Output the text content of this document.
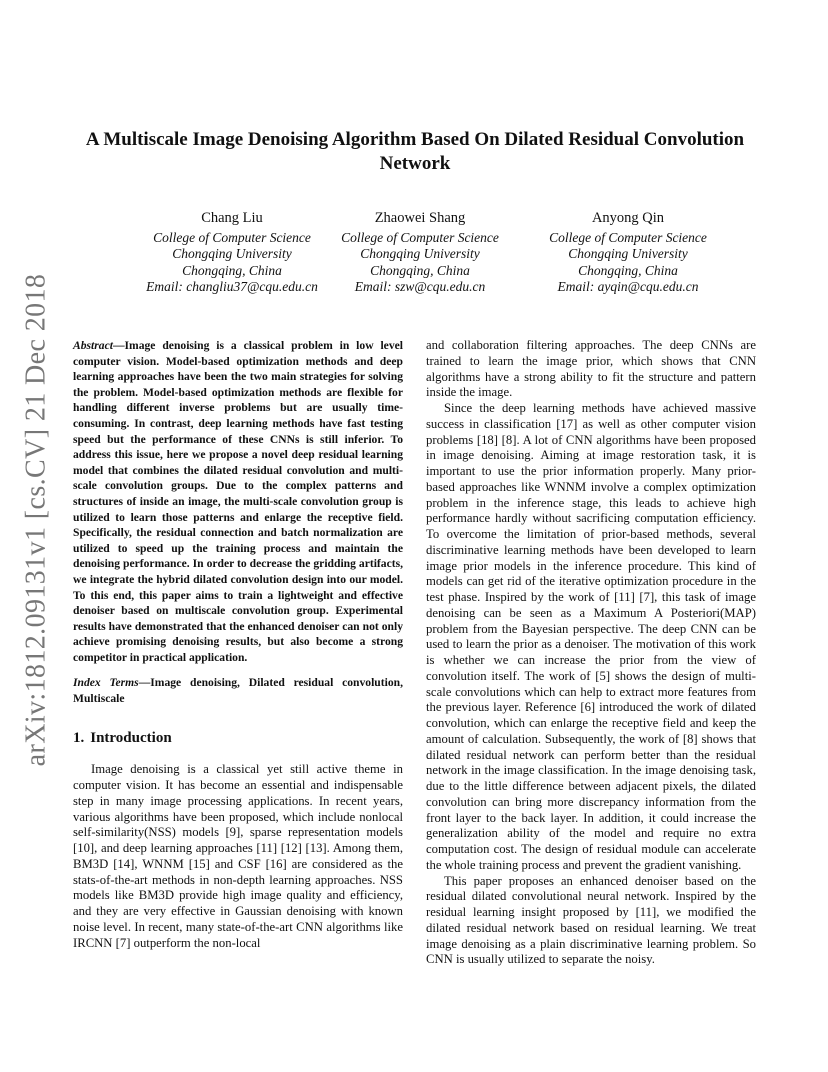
arXiv:1812.09131v1 [cs.CV] 21 Dec 2018
A Multiscale Image Denoising Algorithm Based On Dilated Residual Convolution Network
Chang Liu
College of Computer Science
Chongqing University
Chongqing, China
Email: changliu37@cqu.edu.cn
Zhaowei Shang
College of Computer Science
Chongqing University
Chongqing, China
Email: szw@cqu.edu.cn
Anyong Qin
College of Computer Science
Chongqing University
Chongqing, China
Email: ayqin@cqu.edu.cn
Abstract—Image denoising is a classical problem in low level computer vision. Model-based optimization methods and deep learning approaches have been the two main strategies for solving the problem. Model-based optimization methods are flexible for handling different inverse problems but are usually time-consuming. In contrast, deep learning methods have fast testing speed but the performance of these CNNs is still inferior. To address this issue, here we propose a novel deep residual learning model that combines the dilated residual convolution and multi-scale convolution groups. Due to the complex patterns and structures of inside an image, the multi-scale convolution group is utilized to learn those patterns and enlarge the receptive field. Specifically, the residual connection and batch normalization are utilized to speed up the training process and maintain the denoising performance. In order to decrease the gridding artifacts, we integrate the hybrid dilated convolution design into our model. To this end, this paper aims to train a lightweight and effective denoiser based on multiscale convolution group. Experimental results have demonstrated that the enhanced denoiser can not only achieve promising denoising results, but also become a strong competitor in practical application.
Index Terms—Image denoising, Dilated residual convolution, Multiscale
1. Introduction

Image denoising is a classical yet still active theme in computer vision. It has become an essential and indispensable step in many image processing applications. In recent years, various algorithms have been proposed, which include nonlocal self-similarity(NSS) models [9], sparse representation models [10], and deep learning approaches [11] [12] [13]. Among them, BM3D [14], WNNM [15] and CSF [16] are considered as the stats-of-the-art methods in non-depth learning approaches. NSS models like BM3D provide high image quality and efficiency, and they are very effective in Gaussian denoising with known noise level. In recent, many state-of-the-art CNN algorithms like IRCNN [7] outperform the non-local

and collaboration filtering approaches. The deep CNNs are trained to learn the image prior, which shows that CNN algorithms have a strong ability to fit the structure and pattern inside the image.

Since the deep learning methods have achieved massive success in classification [17] as well as other computer vision problems [18] [8]. A lot of CNN algorithms have been proposed in image denoising. Aiming at image restoration task, it is important to use the prior information properly. Many prior-based approaches like WNNM involve a complex optimization problem in the inference stage, this leads to achieve high performance hardly without sacrificing computation efficiency. To overcome the limitation of prior-based methods, several discriminative learning methods have been developed to learn image prior models in the inference procedure. This kind of models can get rid of the iterative optimization procedure in the test phase. Inspired by the work of [11] [7], this task of image denoising can be seen as a Maximum A Posteriori(MAP) problem from the Bayesian perspective. The deep CNN can be used to learn the prior as a denoiser. The motivation of this work is whether we can increase the prior from the view of convolution itself. The work of [5] shows the design of multi-scale convolutions which can help to extract more features from the previous layer. Reference [6] introduced the work of dilated convolution, which can enlarge the receptive field and keep the amount of calculation. Subsequently, the work of [8] shows that dilated residual network can perform better than the residual network in the image classification. In the image denoising task, due to the little difference between adjacent pixels, the dilated convolution can bring more discrepancy information from the front layer to the back layer. In addition, it could increase the generalization ability of the model and require no extra computation cost. The design of residual module can accelerate the whole training process and prevent the gradient vanishing.

This paper proposes an enhanced denoiser based on the residual dilated convolutional neural network. Inspired by the residual learning insight proposed by [11], we modified the dilated residual network based on residual learning. We treat image denoising as a plain discriminative learning problem. So CNN is usually utilized to separate the noisy.
